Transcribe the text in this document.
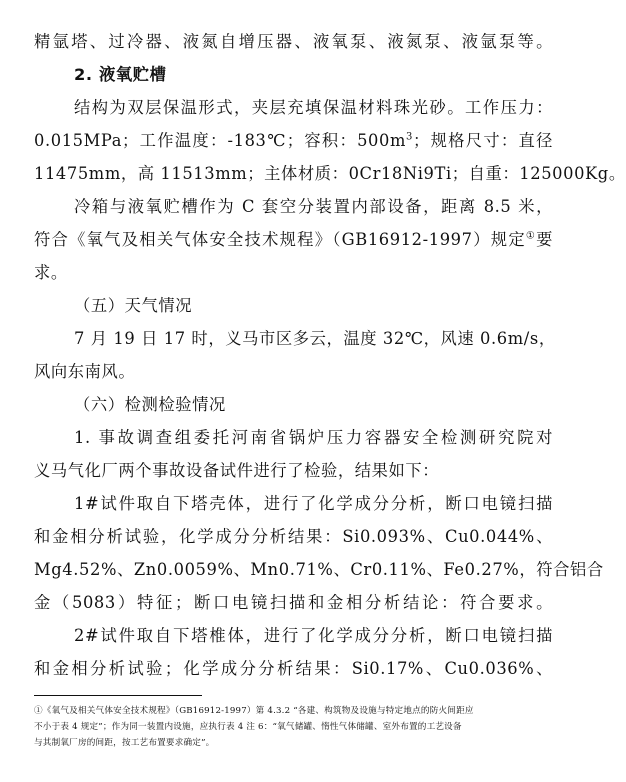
精氩塔、过冷器、液氮自增压器、液氧泵、液氮泵、液氩泵等。
2. 液氧贮槽
结构为双层保温形式，夹层充填保温材料珠光砂。工作压力：
0.015MPa；工作温度：-183℃；容积：$500m^3$；规格尺寸：直径
11475mm，高 11513mm；主体材质：0Cr18Ni9Ti；自重：125000Kg。
冷箱与液氧贮槽作为 C 套空分装置内部设备，距离 8.5 米，
符合《氧气及相关气体安全技术规程》（GB16912-1997）规定①要
求。
（五）天气情况
7 月 19 日 17 时，义马市区多云，温度 32℃，风速 0.6m/s，
风向东南风。
（六）检测检验情况
1. 事故调查组委托河南省锅炉压力容器安全检测研究院对
义马气化厂两个事故设备试件进行了检验，结果如下：
1#试件取自下塔壳体，进行了化学成分分析，断口电镜扫描
和金相分析试验，化学成分分析结果：Si0.093%、Cu0.044%、
Mg4.52%、Zn0.0059%、Mn0.71%、Cr0.11%、Fe0.27%，符合铝合
金（5083）特征；断口电镜扫描和金相分析结论：符合要求。
2#试件取自下塔椎体，进行了化学成分分析，断口电镜扫描
和金相分析试验；化学成分分析结果：Si0.17%、Cu0.036%、
①《氧气及相关气体安全技术规程》（GB16912-1997）第 4.3.2 “各建、构筑物及设施与特定地点的防火间距应
不小于表 4 规定”；作为同一装置内设施，应执行表 4 注 6：“氧气储罐、惰性气体储罐、室外布置的工艺设备
与其制氧厂房的间距，按工艺布置要求确定”。
